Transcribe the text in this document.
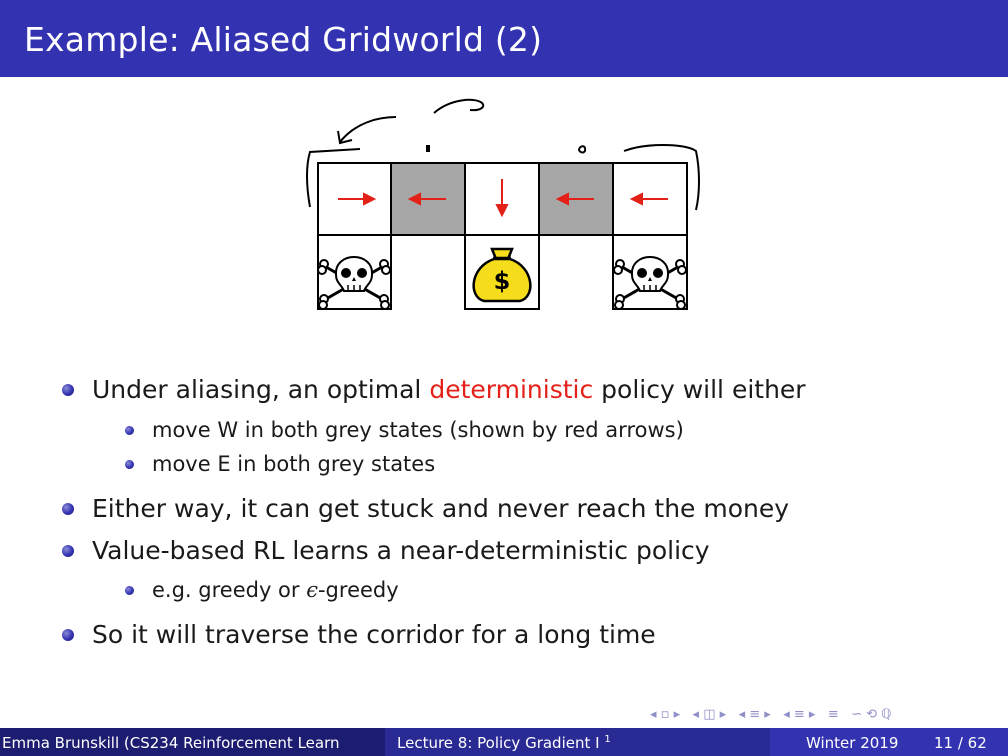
Example: Aliased Gridworld (2)
$
Under aliasing, an optimal deterministic policy will either
move W in both grey states (shown by red arrows)
move E in both grey states
Either way, it can get stuck and never reach the money
Value-based RL learns a near-deterministic policy
e.g. greedy or ϵ-greedy
So it will traverse the corridor for a long time
◂ ▫ ▸ ◂ ◫ ▸ ◂ ≡ ▸ ◂ ≡ ▸ ≡ ∽ ⟲ ℚ
Emma Brunskill (CS234 Reinforcement Learn	Lecture 8: Policy Gradient I $^1$	Winter 2019 11 / 62
